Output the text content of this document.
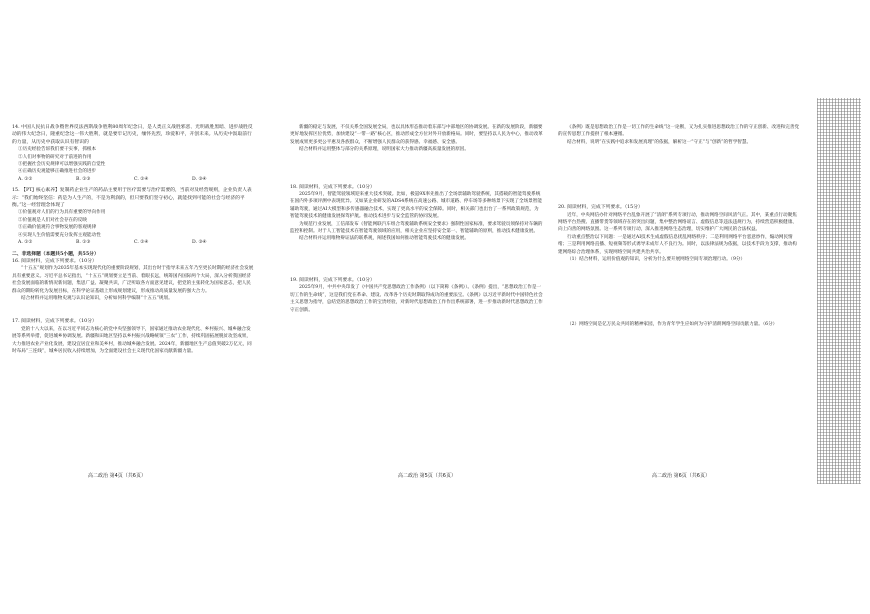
14. 中国人民抗日战争暨世界反法西斯战争胜利80周年纪念日，是人类正义战胜邪恶、光明战胜黑暗、进步战胜反动的伟大纪念日，隆重纪念这一伟大胜利，就是要牢记历史，缅怀先烈，珍爱和平，开创未来。从历史中汲取前行的力量，从历史中获取认识有智识的

①历史经验告诉我们要干实事，抓根本

②人们对事物的研究对于前进的作用

③把握社会历史规律可以增强实践的自觉性

④正确历史观能够正确推进社会的进步

A. ①②	B. ①③	C. ②④	D. ③④

15. 【PTJ 核心素养】复制药企业生产的药品主要用于医疗需要与治疗需要的，当前对及经营规则，企业负责人表示：“我们始终坚信：药是为人生产的，不是为利润的，但只要我们坚守初心，就能找到可能的社会与经济的平衡。”这一经营理念体现了

①价值观对人们的行为具有重要的导向作用

②价值观是人们对社会存在的反映

③正确价值观符合事物发展的客观规律

④实现人生价值需要充分发挥主观能动性

A. ①②	B. ①③	C. ②④	D. ③④

二、非选择题（本题共5小题，共55分）

16. 阅读材料，完成下列要求。（10分）

“十五五”规划作为2035年基本实现现代化的重要阶段规划，其出台时于指导未来五年乃至更长时期的经济社会发展具有重要意义。习近平总书记指出，“十五五”规划要立足当前、着眼长远，统筹国内国际两个大局，深入分析我国经济社会发展面临的新情况新问题，集思广益、凝聚共识，广泛听取各方面意见建议，把党的主张转化为国家意志，把人民群众的期盼转化为发展目标，在科学论证基础上形成规划建议，形成推动高质量发展的强大合力。

结合材料并运用唯物史观与认识论知识，分析如何科学编制“十五五”规划。

17. 阅读材料，完成下列要求。（10分）

党的十八大以来，在以习近平同志为核心的党中央坚强领导下，国家通过推动农业现代化、乡村振兴、城乡融合发展等系列举措，促进城乡协调发展。新疆和田地区坚持以乡村振兴战略统领“三农”工作，持续巩固拓展脱贫攻坚成果，大力推进农业产业化发展，建设宜居宜业和美乡村，推动城乡融合发展。2024年，新疆地区生产总值突破2万亿元，同时布局“三连线”，城乡居民收入持续增加，为全面建设社会主义现代化国家贡献新疆力量。

新疆的稳定与发展，不仅关系全国发展全局，也以具体形态推动着东部与中部地区的协调发展。在新的发展阶段，新疆要更好地发挥区位优势，加快建设“一带一路”核心区，推动形成全方位对外开放新格局。同时，要坚持以人民为中心，推动改革发展成果更多更公平惠及各族群众，不断增强人民群众的获得感、幸福感、安全感。

结合材料并运用整体与部分的关系原理，说明国家大力推动新疆高质量发展的原因。

18. 阅读材料，完成下列要求。（10分）

2025年9月，智能驾驶领域迎来重大技术突破。比如，极氪9X率先推出了全场景辅助驾驶系统，其搭载的智能驾驶系统在国内外多项评测中表现优异。又如某企业研发的ADS4系统在高速公路、城市道路、停车场等多种场景下实现了全场景智能辅助驾驶，通过AI大模型和多传感器融合技术，实现了更高水平的安全保障。同时，相关部门也出台了一系列政策规范，为智能驾驶技术的健康发展保驾护航。推动技术进步与安全监管的协同发展。

为规范行业发展，工信部发布《智能网联汽车组合驾驶辅助系统安全要求》强制性国家标准，要求驾驶员须保持对车辆的监控和控制。对于人工智能技术在智能驾驶领域的应用，相关企业应坚持安全第一、智能辅助的原则，推动技术健康发展。

结合材料并运用唯物辩证法的联系观，阐述我国如何推动智能驾驶技术的健康发展。

19. 阅读材料，完成下列要求。（10分）

2025年9月，中共中央印发了《中国共产党思想政治工作条例》（以下简称《条例》）。《条例》提出，“思想政治工作是一切工作的生命线”，这是我们党在革命、建设、改革各个历史时期取得成功的重要法宝。《条例》以习近平新时代中国特色社会主义思想为指导，总结党的思想政治工作的宝贵经验，对新时代思想政治工作作出系统部署，进一步推动新时代思想政治工作守正创新。

《条例》既是思想政治工作是一切工作的生命线“这一论断，又为扎实推进思想政治工作的守正创新、改进和完善党的宣传思想工作提供了根本遵循。

结合材料，说明“在实践中追求和发展真理”的依据，解析这一“守正”与“创新”的哲学智慧。

20. 阅读材料，完成下列要求。（15分）

近年，中央网信办针对网络平台乱象开展了“清朗”系列专项行动，推动网络空间风清气正。其中，某重点行动聚焦网络平台热搜、直播带货等领域存在的突出问题，集中整治网络谣言、虚假信息等违法违规行为，持续营造积极健康、向上向善的网络氛围。这一系列专项行动，深入推进网络生态治理，切实维护广大网民的合法权益。

行动重点整治以下问题：一是通过AI技术生成虚假信息扰乱网络秩序；二是利用网络平台恶意炒作，煽动网民情绪；三是利用网络直播、短视频等形式诱导未成年人不良行为。同时，以法律法规为依据，以技术手段为支撑，推动构建网络综合治理体系，实现网络空间共建共治共享。

（1）结合材料，运用价值观的知识，分析为什么要开展网络空间专项治理行动。（9分）

（2）网络空间是亿万民众共同的精神家园，作为青年学生应如何为守护清朗网络空间贡献力量。（6分）

高二政治 第4页（共6页）	高二政治 第5页（共6页）	高二政治 第6页（共6页）
